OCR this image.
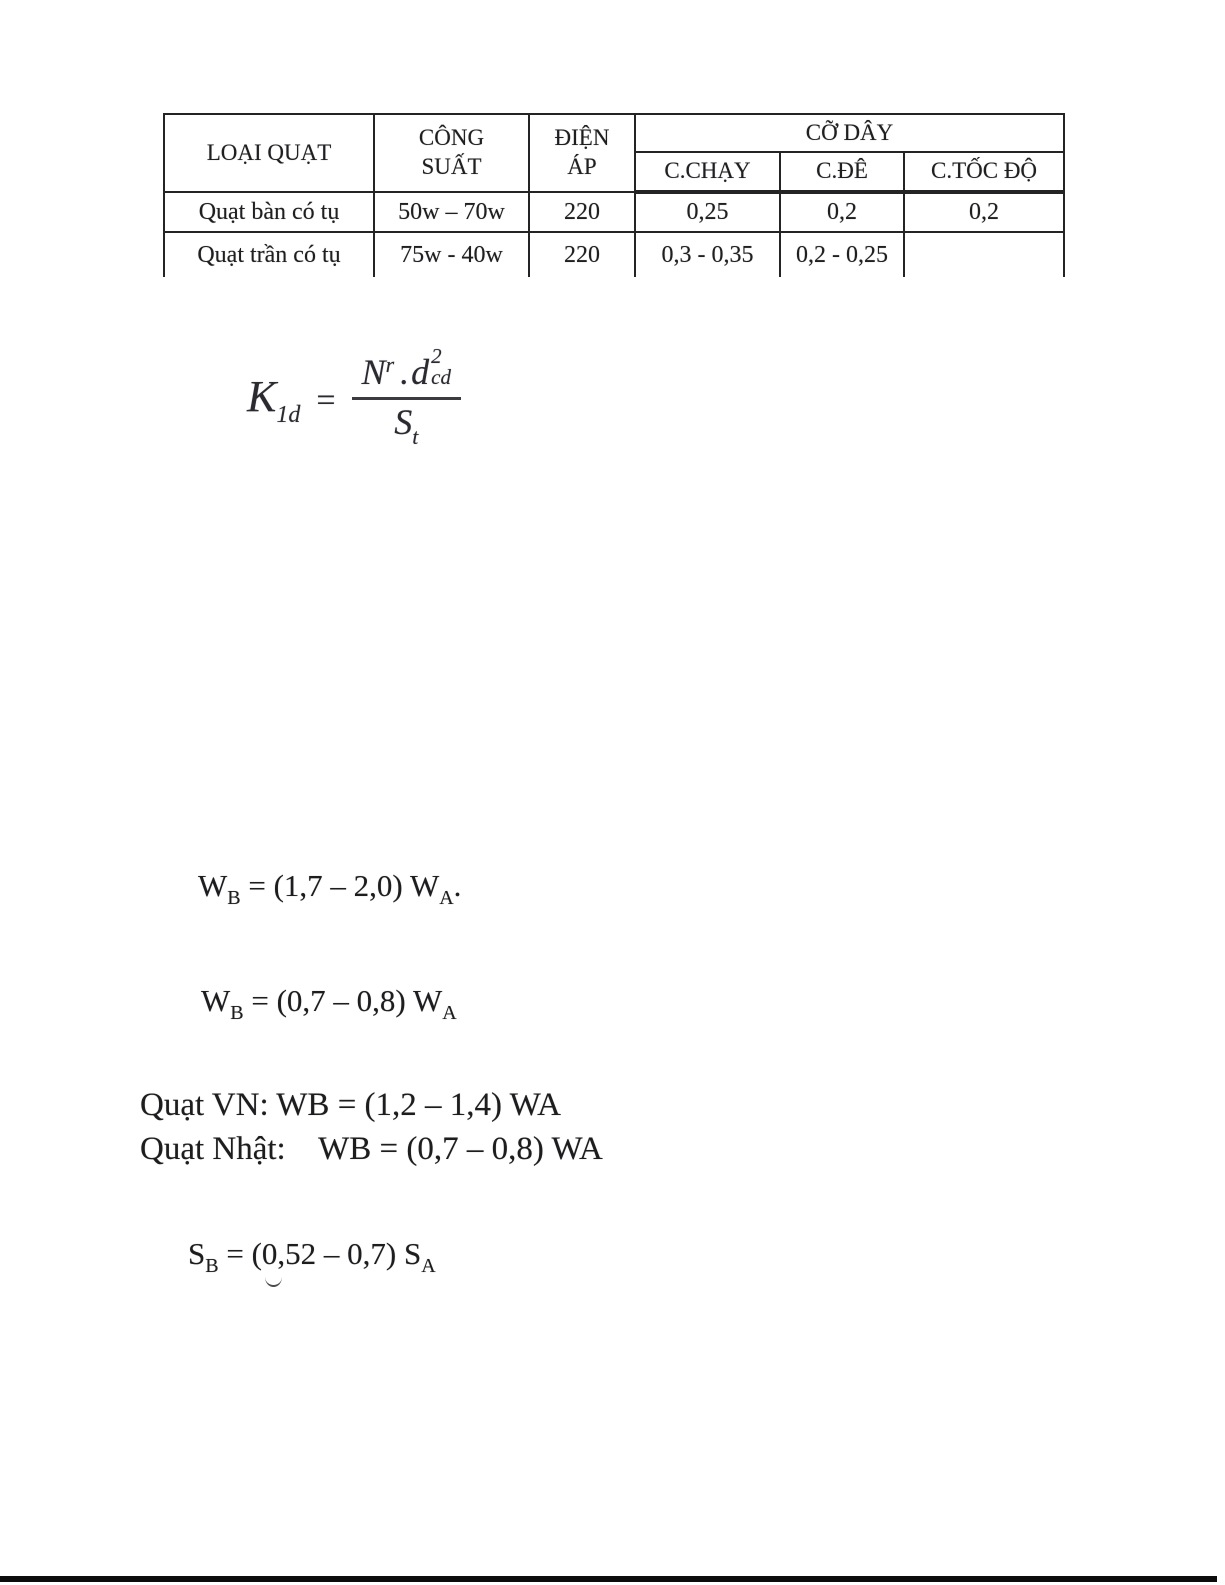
LOẠI QUẠT	CÔNG SUẤT	ĐIỆN ÁP	CỠ DÂY		
			C.CHẠY	C.ĐÊ	C.TỐC ĐỘ
Quạt bàn có tụ	50w – 70w	220	0,25	0,2	0,2
Quạt trần có tụ	75w - 40w	220	0,3 - 0,35	0,2 - 0,25	
$K_{1d} = N^r$ . d 2
cd
$S_t$
$W_B = (1,7 - 2,0)$ $W_A$.
$W_B = (0,7 - 0,8)$ $W_A$
Quạt VN: WB = (1,2 – 1,4) WA
Quạt Nhật:    WB = (0,7 – 0,8) WA
$S_B = (0,52 - 0,7)$ $S_A$
